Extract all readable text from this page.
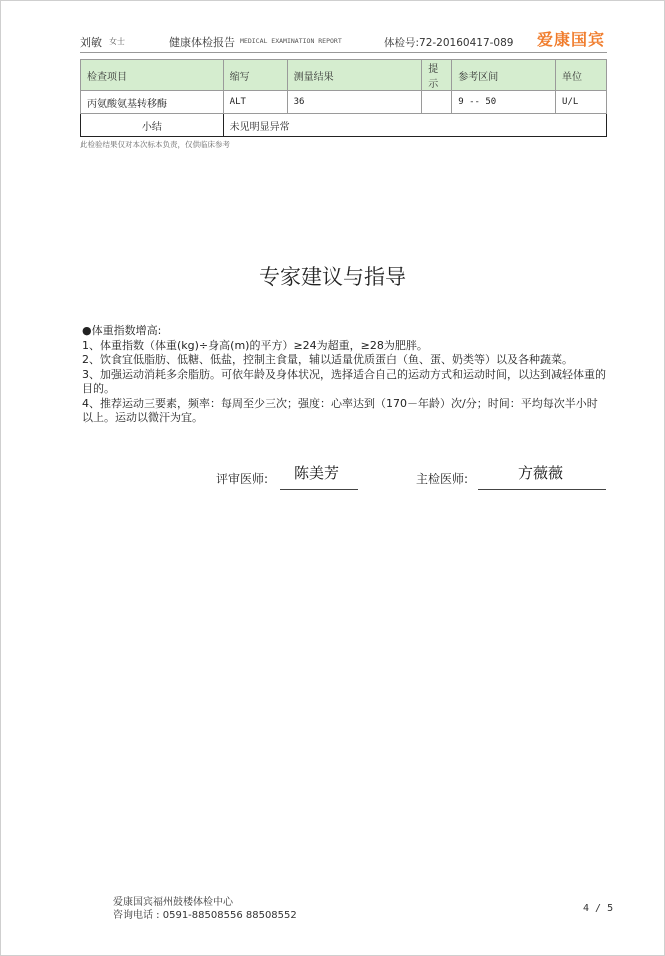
刘敏 女士	健康体检报告 MEDICAL EXAMINATION REPORT	体检号:72-20160417-089 爱康国宾
检查项目	缩写	测量结果	提示	参考区间	单位
丙氨酸氨基转移酶	ALT	36		9 -- 50	U/L
小结	未见明显异常				
此检验结果仅对本次标本负责，仅供临床参考
专家建议与指导

●体重指数增高:

1、体重指数（体重(kg)÷身高(m)的平方）≥24为超重，≥28为肥胖。

2、饮食宜低脂肪、低糖、低盐，控制主食量，辅以适量优质蛋白（鱼、蛋、奶类等）以及各种蔬菜。

3、加强运动消耗多余脂肪。可依年龄及身体状况，选择适合自己的运动方式和运动时间，以达到减轻体重的目的。

4、推荐运动三要素，频率：每周至少三次；强度：心率达到（170－年龄）次/分；时间：平均每次半小时以上。运动以微汗为宜。

评审医师: 陈美芳	主检医师:	方薇薇
爱康国宾福州鼓楼体检中心
咨询电话 : 0591-88508556 88508552
4 / 5
